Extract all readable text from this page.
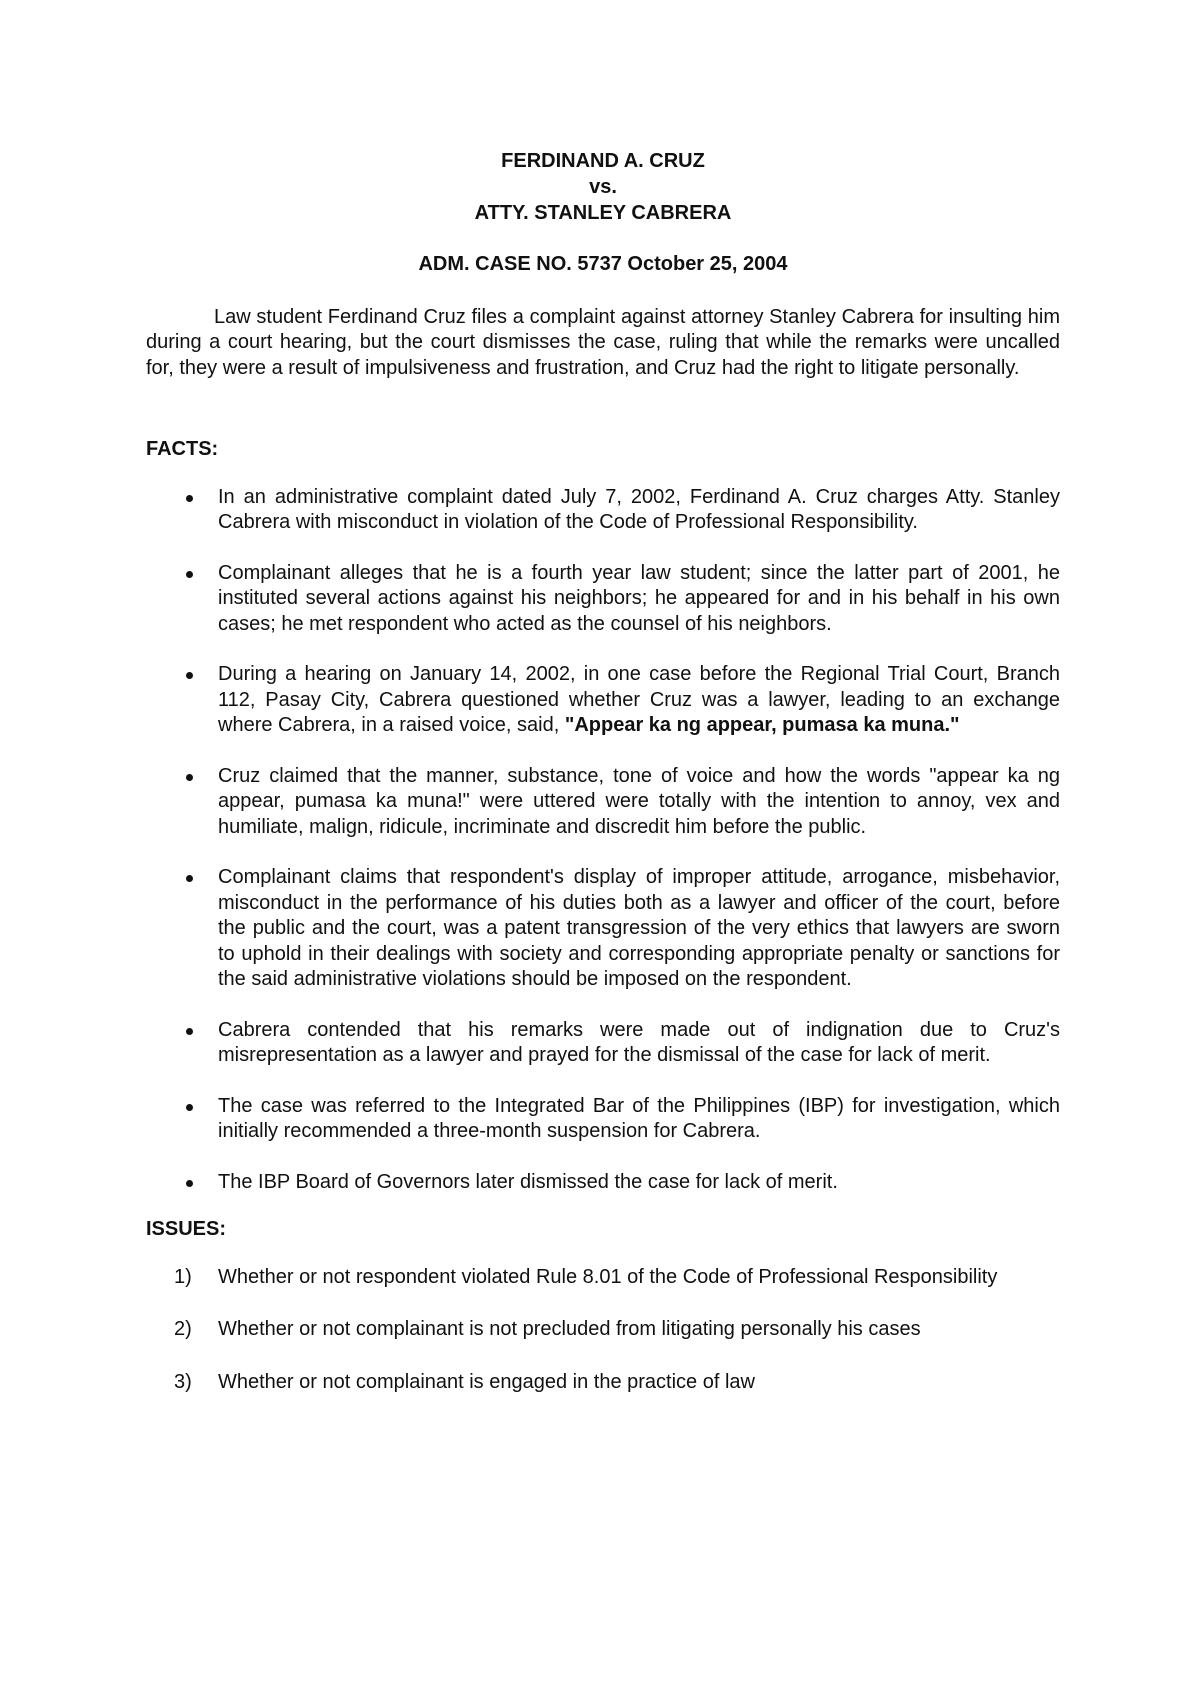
FERDINAND A. CRUZ
vs.
ATTY. STANLEY CABRERA
ADM. CASE NO. 5737 October 25, 2004

Law student Ferdinand Cruz files a complaint against attorney Stanley Cabrera for insulting him during a court hearing, but the court dismisses the case, ruling that while the remarks were uncalled for, they were a result of impulsiveness and frustration, and Cruz had the right to litigate personally.

FACTS:
In an administrative complaint dated July 7, 2002, Ferdinand A. Cruz charges Atty. Stanley Cabrera with misconduct in violation of the Code of Professional Responsibility.
Complainant alleges that he is a fourth year law student; since the latter part of 2001, he instituted several actions against his neighbors; he appeared for and in his behalf in his own cases; he met respondent who acted as the counsel of his neighbors.
During a hearing on January 14, 2002, in one case before the Regional Trial Court, Branch 112, Pasay City, Cabrera questioned whether Cruz was a lawyer, leading to an exchange where Cabrera, in a raised voice, said, "Appear ka ng appear, pumasa ka muna."
Cruz claimed that the manner, substance, tone of voice and how the words "appear ka ng appear, pumasa ka muna!" were uttered were totally with the intention to annoy, vex and humiliate, malign, ridicule, incriminate and discredit him before the public.
Complainant claims that respondent's display of improper attitude, arrogance, misbehavior, misconduct in the performance of his duties both as a lawyer and officer of the court, before the public and the court, was a patent transgression of the very ethics that lawyers are sworn to uphold in their dealings with society and corresponding appropriate penalty or sanctions for the said administrative violations should be imposed on the respondent.
Cabrera contended that his remarks were made out of indignation due to Cruz's misrepresentation as a lawyer and prayed for the dismissal of the case for lack of merit.
The case was referred to the Integrated Bar of the Philippines (IBP) for investigation, which initially recommended a three-month suspension for Cabrera.
The IBP Board of Governors later dismissed the case for lack of merit.
ISSUES:
1) Whether or not respondent violated Rule 8.01 of the Code of Professional Responsibility
2) Whether or not complainant is not precluded from litigating personally his cases
3) Whether or not complainant is engaged in the practice of law
